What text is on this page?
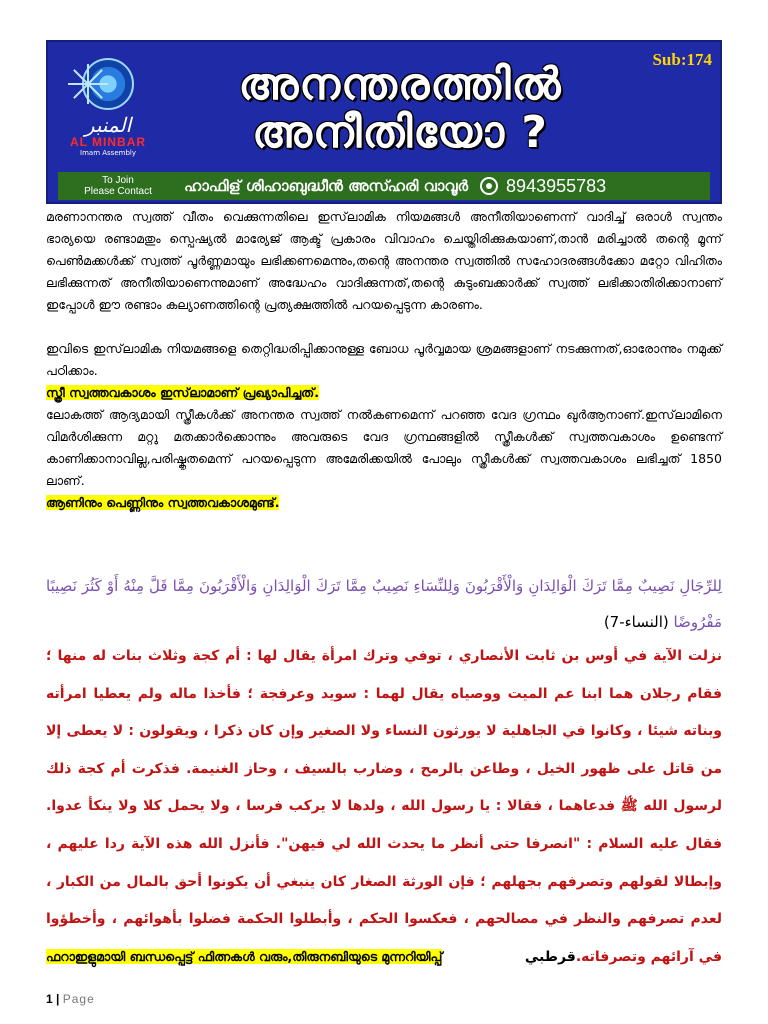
المنبر
AL MINBAR
Imam Assembly
Sub:174
അനന്തരത്തിൽ
അനീതിയോ ?
To Join
Please Contact	ഹാഫിള് ശിഹാബുദ്ധീൻ അസ്ഹരി വാവൂർ 8943955783
മരണാനന്തര സ്വത്ത് വീതം വെക്കുന്നതിലെ ഇസ്‌ലാമിക നിയമങ്ങൾ അനീതിയാണെന്ന് വാദിച്ച് ഒരാൾ സ്വന്തം ഭാര്യയെ രണ്ടാമതും സ്പെഷ്യൽ മാര്യേജ് ആക്ട് പ്രകാരം വിവാഹം ചെയ്തിരിക്കുകയാണ്,താൻ മരിച്ചാൽ തന്റെ മൂന്ന് പെൺമക്കൾക്ക് സ്വത്ത് പൂർണ്ണമായും ലഭിക്കണമെന്നും,തന്റെ അനന്തര സ്വത്തിൽ സഹോദരങ്ങൾക്കോ മറ്റോ വിഹിതം ലഭിക്കുന്നത് അനീതിയാണെന്നുമാണ് അദ്ധേഹം വാദിക്കുന്നത്,തന്റെ കുടുംബക്കാർക്ക് സ്വത്ത് ലഭിക്കാതിരിക്കാനാണ് ഇപ്പോൾ ഈ രണ്ടാം കല്യാണത്തിന്റെ പ്രത്യക്ഷത്തിൽ പറയപ്പെടുന്ന കാരണം.
ഇവിടെ ഇസ്‌ലാമിക നിയമങ്ങളെ തെറ്റിദ്ധരിപ്പിക്കാനുള്ള ബോധ പൂർവ്വമായ ശ്രമങ്ങളാണ് നടക്കുന്നത്,ഓരോന്നും നമുക്ക് പഠിക്കാം.
സ്ത്രീ സ്വത്തവകാശം ഇസ്‌ലാമാണ് പ്രഖ്യാപിച്ചത്.
ലോകത്ത് ആദ്യമായി സ്ത്രീകൾക്ക് അനന്തര സ്വത്ത് നൽകണമെന്ന് പറഞ്ഞ വേദ ഗ്രന്ഥം ഖുർആനാണ്.ഇസ്‌ലാമിനെ വിമർശിക്കുന്ന മറ്റു മതക്കാർക്കൊന്നും അവരുടെ വേദ ഗ്രന്ഥങ്ങളിൽ സ്ത്രീകൾക്ക് സ്വത്തവകാശം ഉണ്ടെന്ന് കാണിക്കാനാവില്ല,പരിഷ്കൃതമെന്ന് പറയപ്പെടുന്ന അമേരിക്കയിൽ പോലും സ്ത്രീകൾക്ക് സ്വത്തവകാശം ലഭിച്ചത് 1850 ലാണ്.
ആണിനും പെണ്ണിനും സ്വത്തവകാശമുണ്ട്.
لِلرِّجَالِ نَصِيبٌ مِمَّا تَرَكَ الْوَالِدَانِ وَالْأَقْرَبُونَ وَلِلنِّسَاءِ نَصِيبٌ مِمَّا تَرَكَ الْوَالِدَانِ وَالْأَقْرَبُونَ مِمَّا قَلَّ مِنْهُ أَوْ كَثُرَ نَصِيبًا مَفْرُوضًا (النساء-7)
نزلت الآية في أوس بن ثابت الأنصاري ، توفي وترك امرأة يقال لها : أم كجة وثلاث بنات له منها ؛ فقام رجلان هما ابنا عم الميت ووصياه يقال لهما : سويد وعرفجة ؛ فأخذا ماله ولم يعطيا امرأته وبناته شيئا ، وكانوا في الجاهلية لا يورثون النساء ولا الصغير وإن كان ذكرا ، ويقولون : لا يعطى إلا من قاتل على ظهور الخيل ، وطاعن بالرمح ، وضارب بالسيف ، وحاز الغنيمة. فذكرت أم كجة ذلك لرسول الله ﷺ فدعاهما ، فقالا : يا رسول الله ، ولدها لا يركب فرسا ، ولا يحمل كلا ولا ينكأ عدوا. فقال عليه السلام : "انصرفا حتى أنظر ما يحدث الله لي فيهن". فأنزل الله هذه الآية ردا عليهم ، وإبطالا لقولهم وتصرفهم بجهلهم ؛ فإن الورثة الصغار كان ينبغي أن يكونوا أحق بالمال من الكبار ، لعدم تصرفهم والنظر في مصالحهم ، فعكسوا الحكم ، وأبطلوا الحكمة فضلوا بأهوائهم ، وأخطؤوا في آرائهم وتصرفاته.قرطبي
ഫറാഇളുമായി ബന്ധപ്പെട്ട് ഫിത്നകൾ വരും,തിരുനബിയുടെ മുന്നറിയിപ്പ്
1 | Page
